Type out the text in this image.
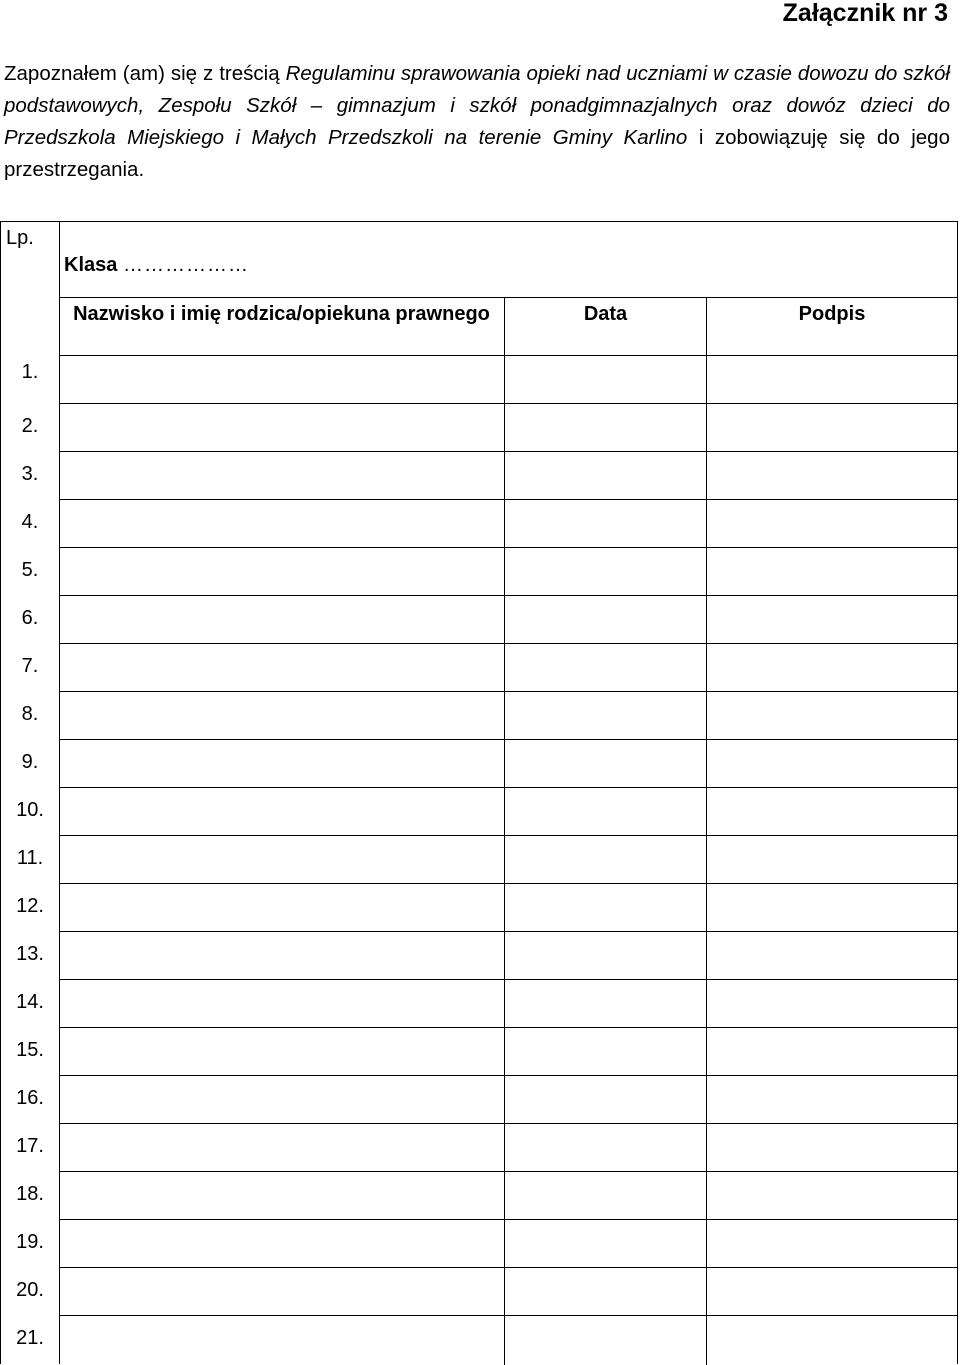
Załącznik nr 3

Zapoznałem (am) się z treścią Regulaminu sprawowania opieki nad uczniami w czasie dowozu do szkół podstawowych, Zespołu Szkół – gimnazjum i szkół ponadgimnazjalnych oraz dowóz dzieci do Przedszkola Miejskiego i Małych Przedszkoli na terenie Gminy Karlino i zobowiązuję się do jego przestrzegania.

Lp.
1.
2.
3.
4.
5.
6.
7.
8.
9.
10.
11.
12.
13.
14.
15.
16.
17.
18.
19.
20.
21.
Klasa ………………
Nazwisko i imię rodzica/opiekuna prawnego	Data	Podpis
